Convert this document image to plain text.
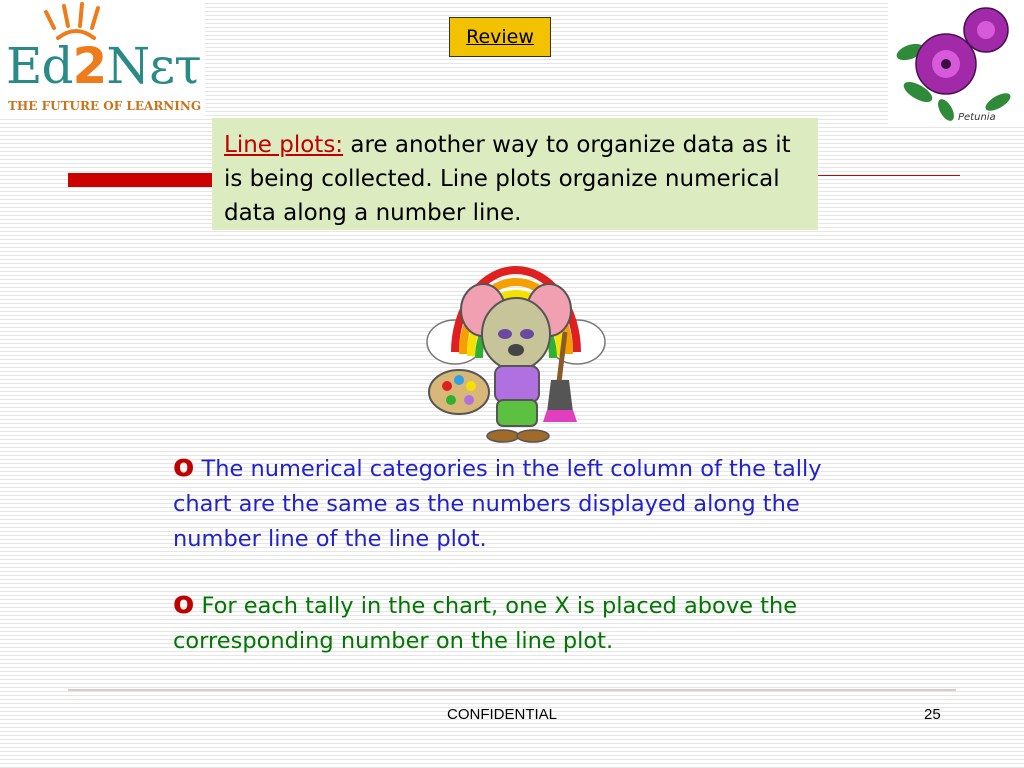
Ed2Nετ
THE FUTURE OF LEARNING
Review
Petunia
Line plots: are another way to organize data as it is being collected. Line plots organize numerical data along a number line.
o The numerical categories in the left column of the tally chart are the same as the numbers displayed along the number line of the line plot.
o For each tally in the chart, one X is placed above the corresponding number on the line plot.
CONFIDENTIAL	25
